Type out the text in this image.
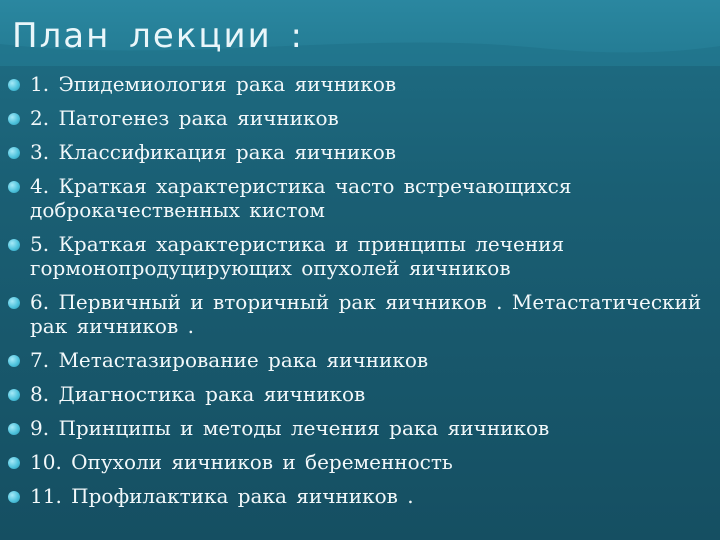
План лекции :
1. Эпидемиология рака яичников
2. Патогенез рака яичников
3. Классификация рака яичников
4. Краткая характеристика часто встречающихся доброкачественных кистом
5. Краткая характеристика и принципы лечения гормонопродуцирующих опухолей яичников
6. Первичный и вторичный рак яичников . Метастатический рак яичников .
7. Метастазирование рака яичников
8. Диагностика рака яичников
9. Принципы и методы лечения рака яичников
10. Опухоли яичников и беременность
11. Профилактика рака яичников .
